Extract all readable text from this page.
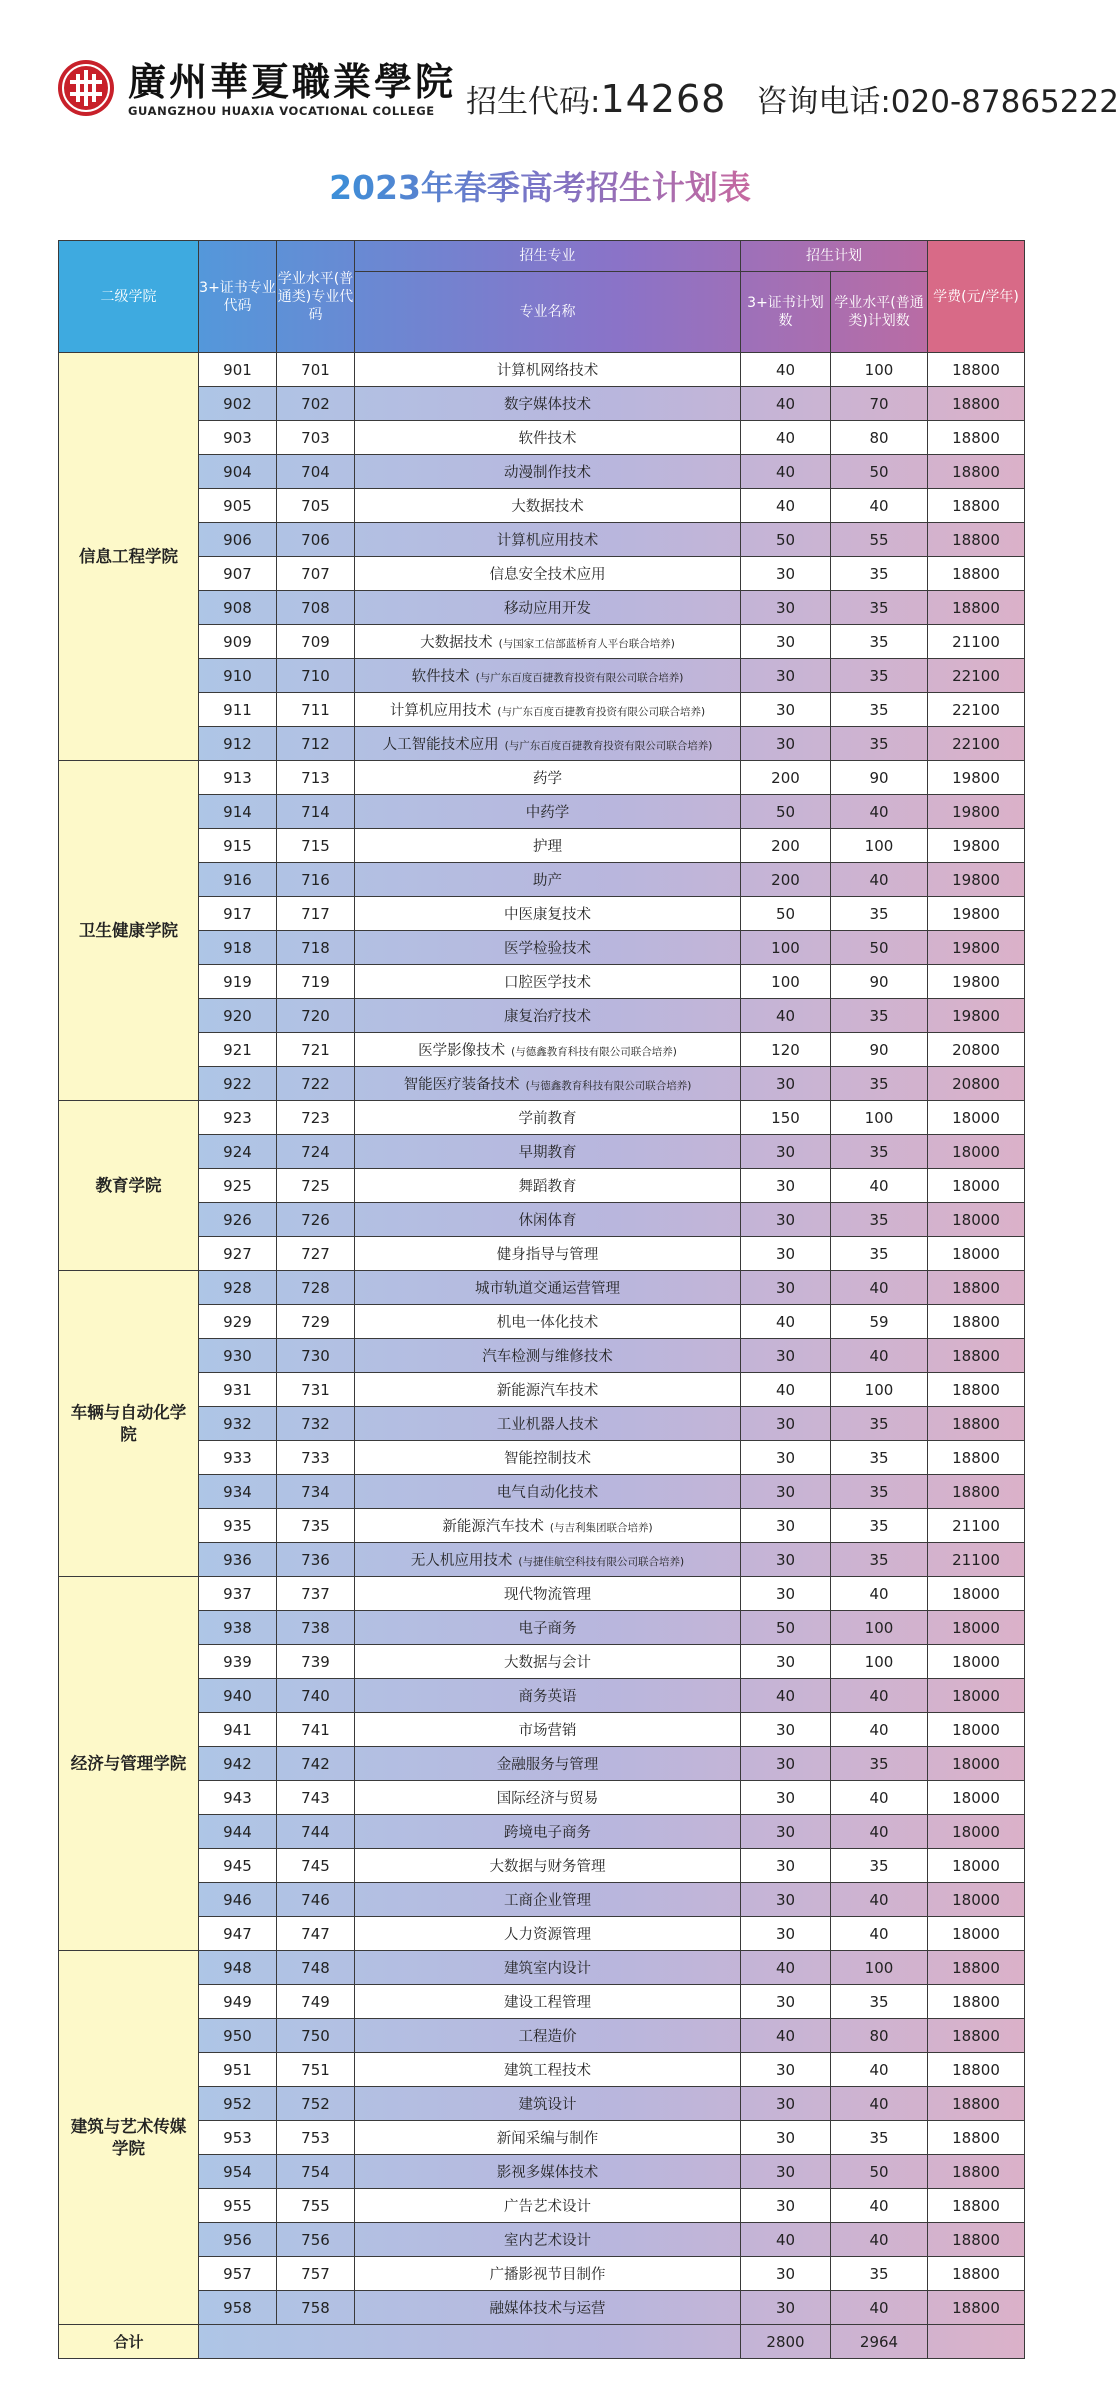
廣州華夏職業學院
GUANGZHOU HUAXIA VOCATIONAL COLLEGE 招生代码:14268 咨询电话:020-87865222
2023年春季高考招生计划表
二级学院	3+证书专业代码	学业水平(普通类)专业代码	招生专业	招生计划		学费(元/学年)
			专业名称	3+证书计划数	学业水平(普通类)计划数	
信息工程学院	901	701	计算机网络技术	40	100	18800
	902	702	数字媒体技术	40	70	18800
	903	703	软件技术	40	80	18800
	904	704	动漫制作技术	40	50	18800
	905	705	大数据技术	40	40	18800
	906	706	计算机应用技术	50	55	18800
	907	707	信息安全技术应用	30	35	18800
	908	708	移动应用开发	30	35	18800
	909	709	大数据技术 (与国家工信部蓝桥育人平台联合培养)	30	35	21100
	910	710	软件技术 (与广东百度百捷教育投资有限公司联合培养)	30	35	22100
	911	711	计算机应用技术 (与广东百度百捷教育投资有限公司联合培养)	30	35	22100
	912	712	人工智能技术应用 (与广东百度百捷教育投资有限公司联合培养)	30	35	22100
卫生健康学院	913	713	药学	200	90	19800
	914	714	中药学	50	40	19800
	915	715	护理	200	100	19800
	916	716	助产	200	40	19800
	917	717	中医康复技术	50	35	19800
	918	718	医学检验技术	100	50	19800
	919	719	口腔医学技术	100	90	19800
	920	720	康复治疗技术	40	35	19800
	921	721	医学影像技术 (与德鑫教育科技有限公司联合培养)	120	90	20800
	922	722	智能医疗装备技术 (与德鑫教育科技有限公司联合培养)	30	35	20800
教育学院	923	723	学前教育	150	100	18000
	924	724	早期教育	30	35	18000
	925	725	舞蹈教育	30	40	18000
	926	726	休闲体育	30	35	18000
	927	727	健身指导与管理	30	35	18000
车辆与自动化学院	928	728	城市轨道交通运营管理	30	40	18800
	929	729	机电一体化技术	40	59	18800
	930	730	汽车检测与维修技术	30	40	18800
	931	731	新能源汽车技术	40	100	18800
	932	732	工业机器人技术	30	35	18800
	933	733	智能控制技术	30	35	18800
	934	734	电气自动化技术	30	35	18800
	935	735	新能源汽车技术 (与吉利集团联合培养)	30	35	21100
	936	736	无人机应用技术 (与捷佳航空科技有限公司联合培养)	30	35	21100
经济与管理学院	937	737	现代物流管理	30	40	18000
	938	738	电子商务	50	100	18000
	939	739	大数据与会计	30	100	18000
	940	740	商务英语	40	40	18000
	941	741	市场营销	30	40	18000
	942	742	金融服务与管理	30	35	18000
	943	743	国际经济与贸易	30	40	18000
	944	744	跨境电子商务	30	40	18000
	945	745	大数据与财务管理	30	35	18000
	946	746	工商企业管理	30	40	18000
	947	747	人力资源管理	30	40	18000
建筑与艺术传媒学院	948	748	建筑室内设计	40	100	18800
	949	749	建设工程管理	30	35	18800
	950	750	工程造价	40	80	18800
	951	751	建筑工程技术	30	40	18800
	952	752	建筑设计	30	40	18800
	953	753	新闻采编与制作	30	35	18800
	954	754	影视多媒体技术	30	50	18800
	955	755	广告艺术设计	30	40	18800
	956	756	室内艺术设计	40	40	18800
	957	757	广播影视节目制作	30	35	18800
	958	758	融媒体技术与运营	30	40	18800
合计				2800	2964	
